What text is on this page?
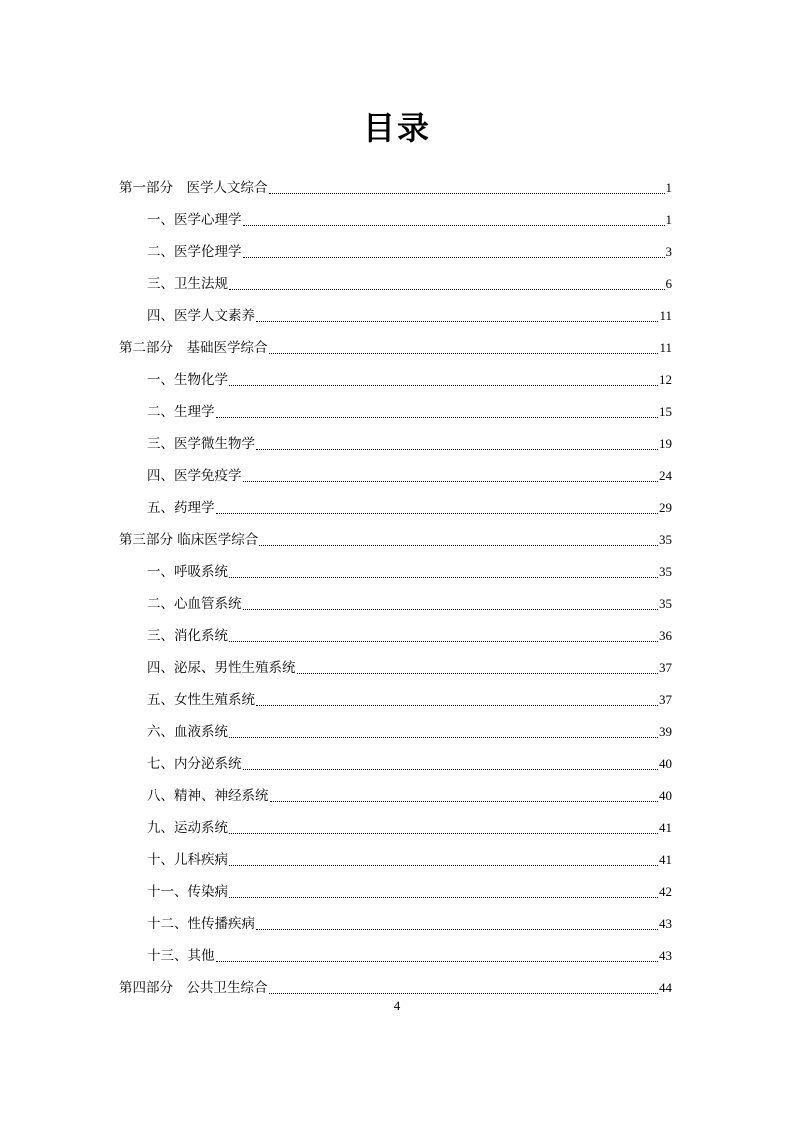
目录
第一部分　医学人文综合	1
一、医学心理学	1
二、医学伦理学	3
三、卫生法规	6
四、医学人文素养	11
第二部分　基础医学综合	11
一、生物化学	12
二、生理学	15
三、医学微生物学	19
四、医学免疫学	24
五、药理学	29
第三部分 临床医学综合	35
一、呼吸系统	35
二、心血管系统	35
三、消化系统	36
四、泌尿、男性生殖系统	37
五、女性生殖系统	37
六、血液系统	39
七、内分泌系统	40
八、精神、神经系统	40
九、运动系统	41
十、儿科疾病	41
十一、传染病	42
十二、性传播疾病	43
十三、其他	43
第四部分　公共卫生综合	44
4
